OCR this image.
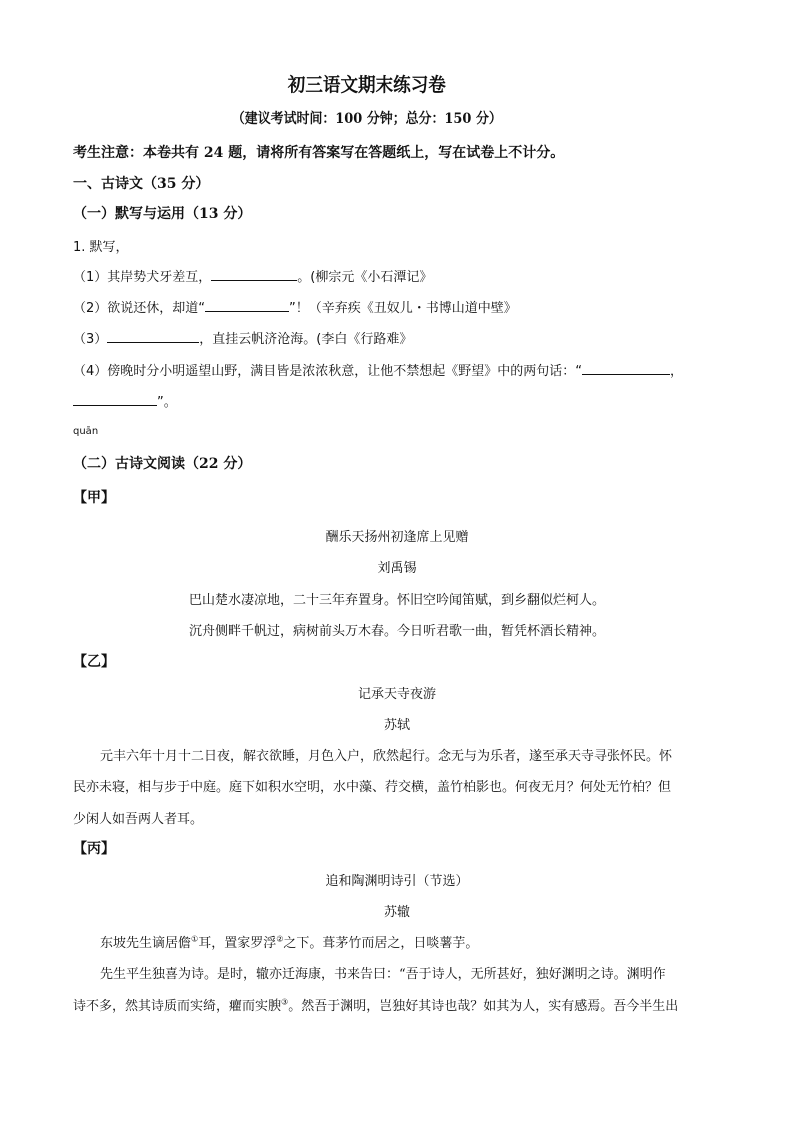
初三语文期末练习卷
（建议考试时间：100 分钟；总分：150 分）
考生注意：本卷共有 24 题，请将所有答案写在答题纸上，写在试卷上不计分。
一、古诗文（35 分）
（一）默写与运用（13 分）
1. 默写，
（1）其岸势犬牙差互，	。(柳宗元《小石潭记》
（2）欲说还休，却道“	”！（辛弃疾《丑奴儿・书博山道中壁》
（3）	，直挂云帆济沧海。(李白《行路难》
（4）傍晚时分小明遥望山野，满目皆是浓浓秋意，让他不禁想起《野望》中的两句话：“	，
”。
quān
（二）古诗文阅读（22 分）
【甲】
酬乐天扬州初逢席上见赠
刘禹锡
巴山楚水凄凉地，二十三年弃置身。怀旧空吟闻笛赋，到乡翻似烂柯人。
沉舟侧畔千帆过，病树前头万木春。今日听君歌一曲，暂凭杯酒长精神。
【乙】
记承天寺夜游
苏轼
元丰六年十月十二日夜，解衣欲睡，月色入户，欣然起行。念无与为乐者，遂至承天寺寻张怀民。怀
民亦未寝，相与步于中庭。庭下如积水空明，水中藻、荇交横，盖竹柏影也。何夜无月？何处无竹柏？但
少闲人如吾两人者耳。
【丙】
追和陶渊明诗引（节选）
苏辙
东坡先生谪居儋①耳，置家罗浮②之下。葺茅竹而居之，日啖薯芋。
先生平生独喜为诗。是时，辙亦迁海康，书来告曰：“吾于诗人，无所甚好，独好渊明之诗。渊明作
诗不多，然其诗质而实绮，癯而实腴③。然吾于渊明，岂独好其诗也哉？如其为人，实有感焉。吾今半生出
